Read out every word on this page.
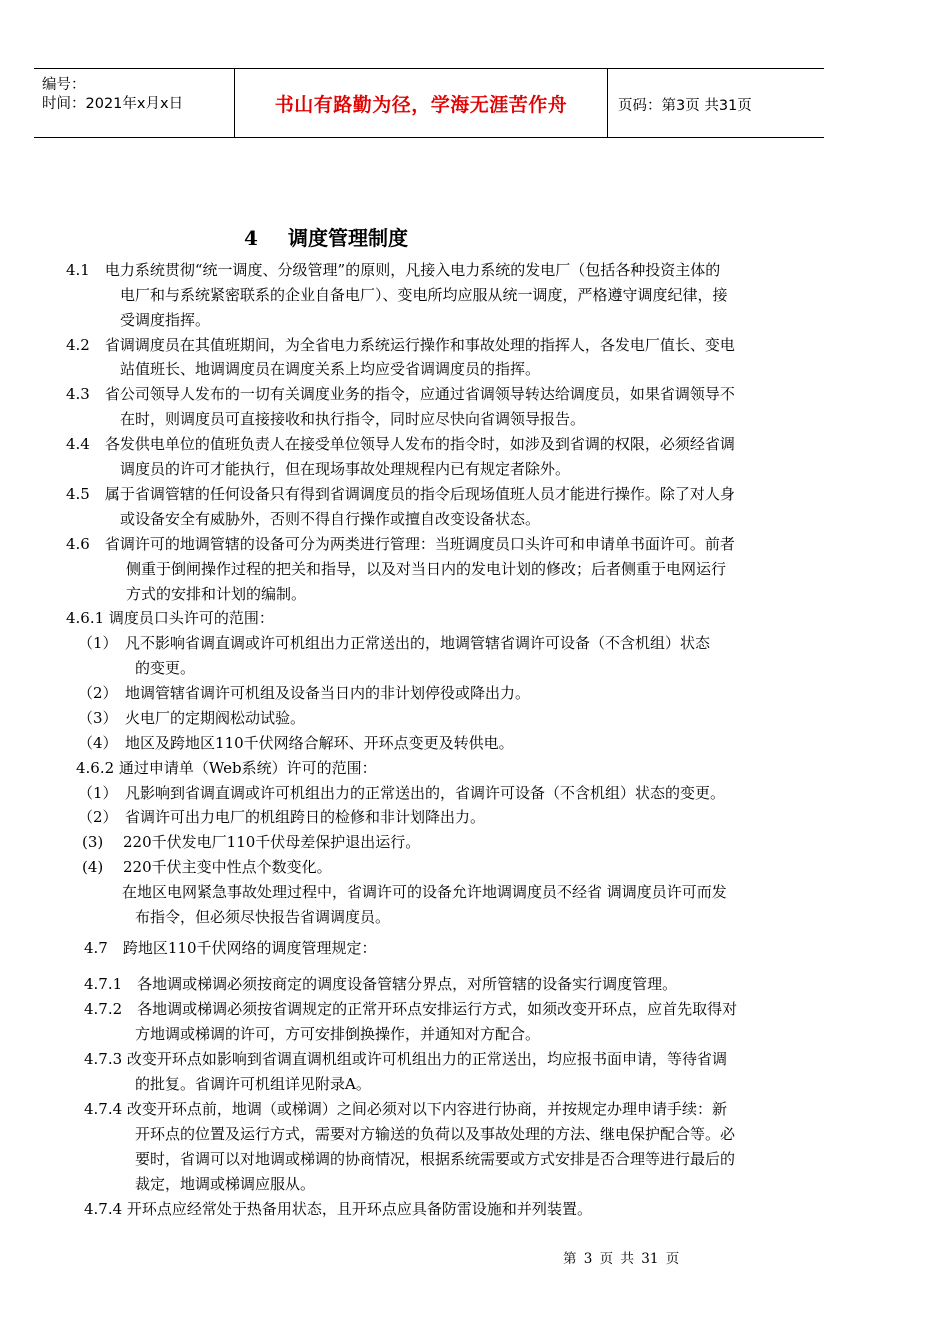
编号：
时间：2021年x月x日	书山有路勤为径，学海无涯苦作舟	页码：第3页 共31页
4 调度管理制度
4.1　电力系统贯彻“统一调度、分级管理”的原则，凡接入电力系统的发电厂（包括各种投资主体的
电厂和与系统紧密联系的企业自备电厂）、变电所均应服从统一调度，严格遵守调度纪律，接
受调度指挥。
4.2　省调调度员在其值班期间，为全省电力系统运行操作和事故处理的指挥人，各发电厂值长、变电
站值班长、地调调度员在调度关系上均应受省调调度员的指挥。
4.3　省公司领导人发布的一切有关调度业务的指令，应通过省调领导转达给调度员，如果省调领导不
在时，则调度员可直接接收和执行指令，同时应尽快向省调领导报告。
4.4　各发供电单位的值班负责人在接受单位领导人发布的指令时，如涉及到省调的权限，必须经省调
调度员的许可才能执行，但在现场事故处理规程内已有规定者除外。
4.5　属于省调管辖的任何设备只有得到省调调度员的指令后现场值班人员才能进行操作。除了对人身
或设备安全有威胁外，否则不得自行操作或擅自改变设备状态。
4.6　省调许可的地调管辖的设备可分为两类进行管理：当班调度员口头许可和申请单书面许可。前者
侧重于倒闸操作过程的把关和指导，以及对当日内的发电计划的修改；后者侧重于电网运行
方式的安排和计划的编制。
4.6.1 调度员口头许可的范围：
（1）　凡不影响省调直调或许可机组出力正常送出的，地调管辖省调许可设备（不含机组）状态
的变更。
（2）　地调管辖省调许可机组及设备当日内的非计划停役或降出力。
（3）　火电厂的定期阀松动试验。
（4）　地区及跨地区110千伏网络合解环、开环点变更及转供电。
4.6.2 通过申请单（Web系统）许可的范围：
（1）　凡影响到省调直调或许可机组出力的正常送出的，省调许可设备（不含机组）状态的变更。
（2）　省调许可出力电厂的机组跨日的检修和非计划降出力。
(3)　 220千伏发电厂110千伏母差保护退出运行。
(4)　 220千伏主变中性点个数变化。
在地区电网紧急事故处理过程中，省调许可的设备允许地调调度员不经省 调调度员许可而发
布指令，但必须尽快报告省调调度员。
4.7　跨地区110千伏网络的调度管理规定：
4.7.1　各地调或梯调必须按商定的调度设备管辖分界点，对所管辖的设备实行调度管理。
4.7.2　各地调或梯调必须按省调规定的正常开环点安排运行方式，如须改变开环点，应首先取得对
方地调或梯调的许可，方可安排倒换操作，并通知对方配合。
4.7.3 改变开环点如影响到省调直调机组或许可机组出力的正常送出，均应报书面申请，等待省调
的批复。省调许可机组详见附录A。
4.7.4 改变开环点前，地调（或梯调）之间必须对以下内容进行协商，并按规定办理申请手续：新
开环点的位置及运行方式，需要对方输送的负荷以及事故处理的方法、继电保护配合等。必
要时，省调可以对地调或梯调的协商情况，根据系统需要或方式安排是否合理等进行最后的
裁定，地调或梯调应服从。
4.7.4 开环点应经常处于热备用状态，且开环点应具备防雷设施和并列装置。
第 3 页 共 31 页
